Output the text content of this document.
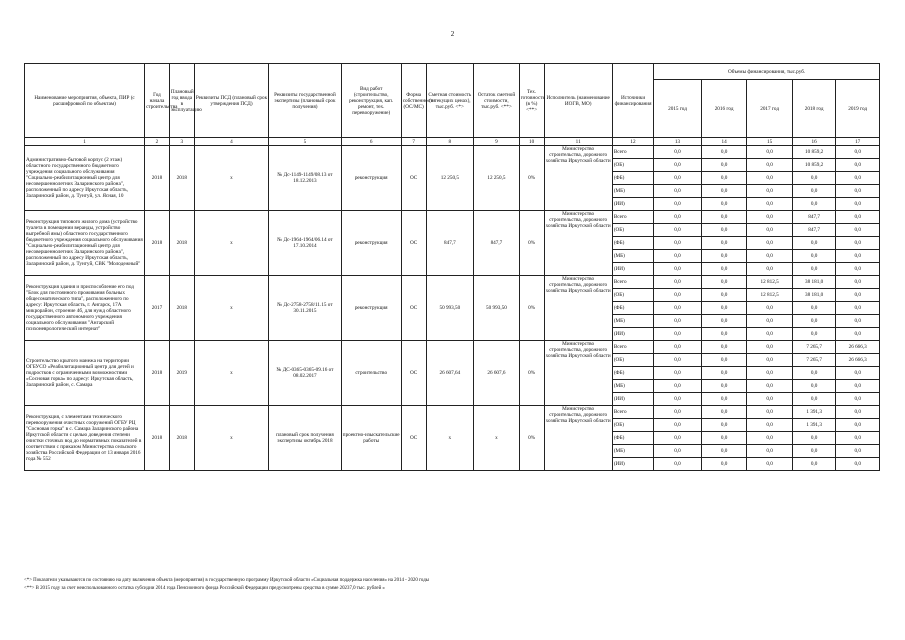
2
Наименование мероприятия, объекта, ПИР (с расшифровкой по объектам)	Год начала строительства	Плановый год ввода в эксплуатацию	Реквизиты ПСД (плановый срок утверждения ПСД)	Реквизиты государственной экспертизы (плановый срок получения)	Вид работ (строительство, реконструкция, кап. ремонт, тех. перевооружение)	Форма собственности (ОС/МС)	Сметная стоимость (в текущих ценах), тыс.руб. <*>	Остаток сметной стоимости, тыс.руб. <**>	Тех. готовность (в %) <**>	Исполнитель (наименование ИОГВ, МО)	Источники финансирования	Объемы финансирования, тыс.руб.				
												2015 год	2016 год	2017 год	2018 год	2019 год
1	2	3	4	5	6	7	8	9	10	11	12	13	14	15	16	17
Административно-бытовой корпус (2 этаж) областного государственного бюджетного учреждения социального обслуживания "Социально-реабилитационный центр для несовершеннолетних Заларинского района", расположенный по адресу Иркутская область, Заларинский район, д. Тунгуй, ул. Ясная, 10	2018	2018	х	№ Дс-1149-1149/08.13 от 18.12.2013	реконструкция	ОС	12 250,5	12 250,5	0%	Министерство строительства, дорожного хозяйства Иркутской области	Всего	0,0	0,0	0,0	10 859,2	0,0
											(ОБ)	0,0	0,0	0,0	10 859,2	0,0
											(ФБ)	0,0	0,0	0,0	0,0	0,0
											(МБ)	0,0	0,0	0,0	0,0	0,0
											(ИИ)	0,0	0,0	0,0	0,0	0,0
Реконструкция типового жилого дома (устройство туалета в помещении веранды, устройство выгребной ямы) областного государственного бюджетного учреждения социального обслуживания "Социально-реабилитационный центр для несовершеннолетних Заларинского района", расположенный по адресу Иркутская область, Заларинский район, д. Тунгуй, СВК "Молодежный"	2018	2018	х	№ Дс-1964-1964/06.14 от 17.10.2014	реконструкция	ОС	847,7	847,7	0%	Министерство строительства, дорожного хозяйства Иркутской области	Всего	0,0	0,0	0,0	847,7	0,0
											(ОБ)	0,0	0,0	0,0	847,7	0,0
											(ФБ)	0,0	0,0	0,0	0,0	0,0
											(МБ)	0,0	0,0	0,0	0,0	0,0
											(ИИ)	0,0	0,0	0,0	0,0	0,0
Реконструкция здания и приспособление его под "Блок для постоянного проживания больных общесоматического типа", расположенного по адресу: Иркутская область, г. Ангарск, 17А микрорайон, строение 4б, для нужд областного государственного автономного учреждения социального обслуживания "Ангарский психоневрологический интернат"	2017	2018	х	№ Дс-2758-2758/11.15 от 30.11.2015	реконструкция	ОС	50 993,50	50 993,50	0%	Министерство строительства, дорожного хозяйства Иркутской области	Всего	0,0	0,0	12 812,5	38 181,0	0,0
											(ОБ)	0,0	0,0	12 812,5	38 181,0	0,0
											(ФБ)	0,0	0,0	0,0	0,0	0,0
											(МБ)	0,0	0,0	0,0	0,0	0,0
											(ИИ)	0,0	0,0	0,0	0,0	0,0
Строительство крытого манежа на территории ОГБУСО «Реабилитационный центр для детей и подростков с ограниченными возможностями «Сосновая горка» по адресу: Иркутская область, Заларинский район, с. Самара	2018	2019	х	№ ДС-0365-0365-09.16 от 08.02.2017	строительство	ОС	26 607,64	26 607,6	0%	Министерство строительства, дорожного хозяйства Иркутской области	Всего	0,0	0,0	0,0	7 265,7	26 666,3
											(ОБ)	0,0	0,0	0,0	7 265,7	26 666,3
											(ФБ)	0,0	0,0	0,0	0,0	0,0
											(МБ)	0,0	0,0	0,0	0,0	0,0
											(ИИ)	0,0	0,0	0,0	0,0	0,0
Реконструкция, с элементами технического перевооружения очистных сооружений ОГБУ РЦ "Сосновая горка" в с. Самара Заларинского района Иркутской области с целью доведения степени очистки сточных вод до нормативных показателей в соответствии с приказом Министерства сельского хозяйства Российской Федерации от 13 января 2016 года № 552	2018	2018	х	плановый срок получения экспертизы октябрь 2018	проектно-изыскательские работы	ОС	х	х	0%	Министерство строительства, дорожного хозяйства Иркутской области	Всего	0,0	0,0	0,0	1 391,3	0,0
											(ОБ)	0,0	0,0	0,0	1 391,3	0,0
											(ФБ)	0,0	0,0	0,0	0,0	0,0
											(МБ)	0,0	0,0	0,0	0,0	0,0
											(ИИ)	0,0	0,0	0,0	0,0	0,0
<*> Показатели указываются по состоянию на дату включения объекта (мероприятия) в государственную программу Иркутской области «Социальная поддержка населения» на 2014 - 2020 годы
<**> В 2015 году за счет неиспользованного остатка субсидии 2014 года Пенсионного фонда Российской Федерации предусмотрены средства в сумме 20237,0 тыс. рублей »
